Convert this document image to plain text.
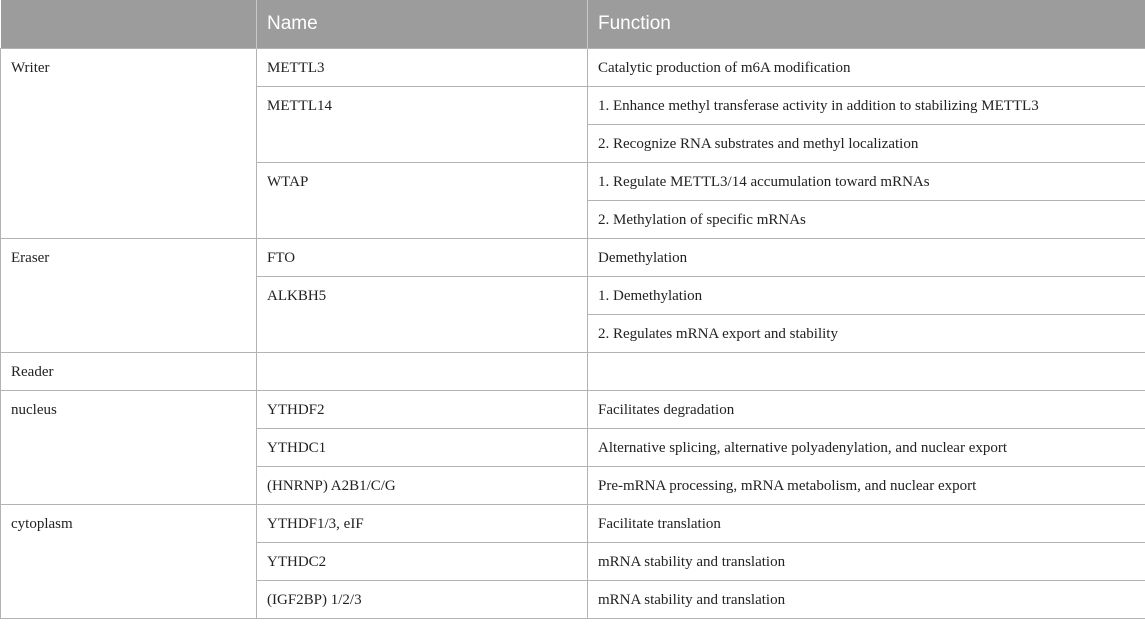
	Name	Function
Writer	METTL3	Catalytic production of m6A modification
	METTL14	1. Enhance methyl transferase activity in addition to stabilizing METTL3
		2. Recognize RNA substrates and methyl localization
	WTAP	1. Regulate METTL3/14 accumulation toward mRNAs
		2. Methylation of specific mRNAs
Eraser	FTO	Demethylation
	ALKBH5	1. Demethylation
		2. Regulates mRNA export and stability
Reader		
nucleus	YTHDF2	Facilitates degradation
	YTHDC1	Alternative splicing, alternative polyadenylation, and nuclear export
	(HNRNP) A2B1/C/G	Pre-mRNA processing, mRNA metabolism, and nuclear export
cytoplasm	YTHDF1/3, eIF	Facilitate translation
	YTHDC2	mRNA stability and translation
	(IGF2BP) 1/2/3	mRNA stability and translation
